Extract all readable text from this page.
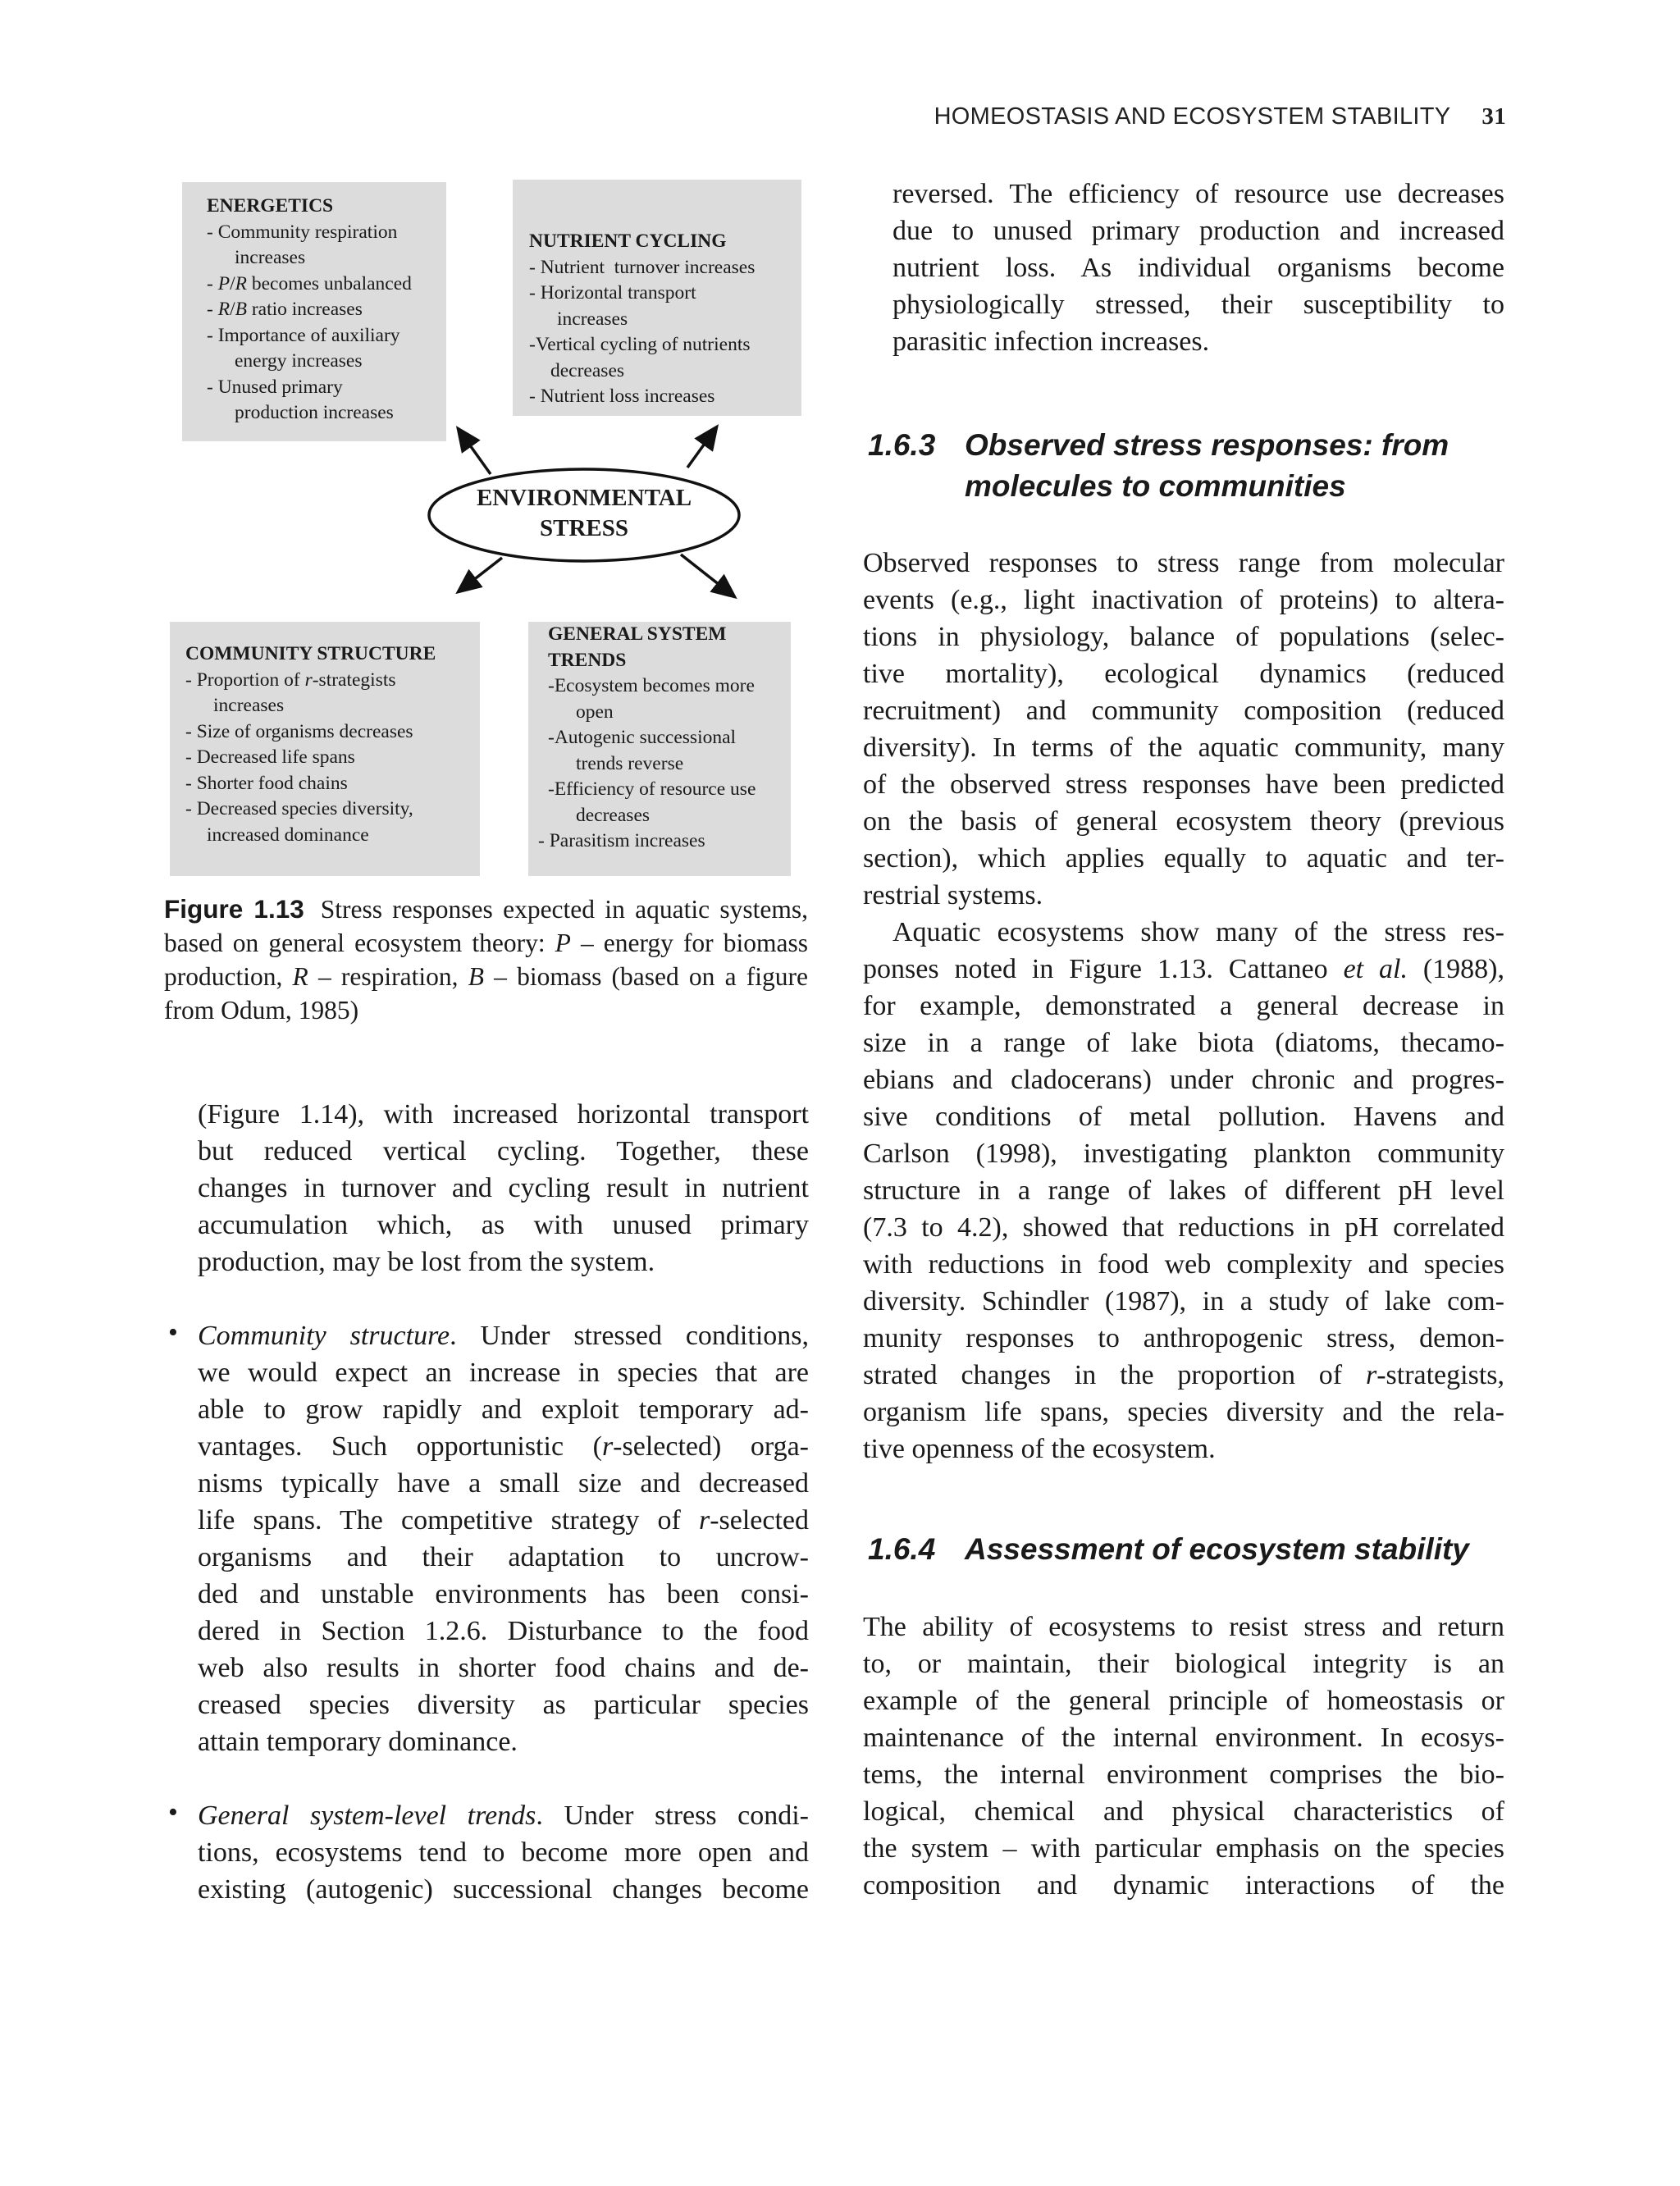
HOMEOSTASIS AND ECOSYSTEM STABILITY 31
ENERGETICS
- Community respiration
increases
- P/R becomes unbalanced
- R/B ratio increases
- Importance of auxiliary
energy increases
- Unused primary
production increases
NUTRIENT CYCLING
- Nutrient  turnover increases
- Horizontal transport
increases
-Vertical cycling of nutrients
decreases
- Nutrient loss increases
ENVIRONMENTAL
STRESS
COMMUNITY STRUCTURE
- Proportion of r-strategists
increases
- Size of organisms decreases
- Decreased life spans
- Shorter food chains
- Decreased species diversity,
increased dominance
GENERAL SYSTEM
TRENDS
-Ecosystem becomes more
open
-Autogenic successional
trends reverse
-Efficiency of resource use
decreases
- Parasitism increases
Figure 1.13 Stress responses expected in aquatic systems, based on general ecosystem theory: P – energy for biomass production, R – respiration, B – biomass (based on a figure from Odum, 1985)

(Figure 1.14), with increased horizontal transport

but reduced vertical cycling. Together, these

changes in turnover and cycling result in nutrient

accumulation which, as with unused primary

production, may be lost from the system.

Community structure. Under stressed conditions,

we would expect an increase in species that are

able to grow rapidly and exploit temporary ad-

vantages. Such opportunistic (r-selected) orga-

nisms typically have a small size and decreased

life spans. The competitive strategy of r-selected

organisms and their adaptation to uncrow-

ded and unstable environments has been consi-

dered in Section 1.2.6. Disturbance to the food

web also results in shorter food chains and de-

creased species diversity as particular species

attain temporary dominance.

General system-level trends. Under stress condi-

tions, ecosystems tend to become more open and

existing (autogenic) successional changes become

•
•

reversed. The efficiency of resource use decreases

due to unused primary production and increased

nutrient loss. As individual organisms become

physiologically stressed, their susceptibility to

parasitic infection increases.

1.6.3 Observed stress responses: from
molecules to communities

Observed responses to stress range from molecular

events (e.g., light inactivation of proteins) to altera-

tions in physiology, balance of populations (selec-

tive mortality), ecological dynamics (reduced

recruitment) and community composition (reduced

diversity). In terms of the aquatic community, many

of the observed stress responses have been predicted

on the basis of general ecosystem theory (previous

section), which applies equally to aquatic and ter-

restrial systems.

Aquatic ecosystems show many of the stress res-

ponses noted in Figure 1.13. Cattaneo et al. (1988),

for example, demonstrated a general decrease in

size in a range of lake biota (diatoms, thecamo-

ebians and cladocerans) under chronic and progres-

sive conditions of metal pollution. Havens and

Carlson (1998), investigating plankton community

structure in a range of lakes of different pH level

(7.3 to 4.2), showed that reductions in pH correlated

with reductions in food web complexity and species

diversity. Schindler (1987), in a study of lake com-

munity responses to anthropogenic stress, demon-

strated changes in the proportion of r-strategists,

organism life spans, species diversity and the rela-

tive openness of the ecosystem.

1.6.4 Assessment of ecosystem stability

The ability of ecosystems to resist stress and return

to, or maintain, their biological integrity is an

example of the general principle of homeostasis or

maintenance of the internal environment. In ecosys-

tems, the internal environment comprises the bio-

logical, chemical and physical characteristics of

the system – with particular emphasis on the species

composition and dynamic interactions of the
